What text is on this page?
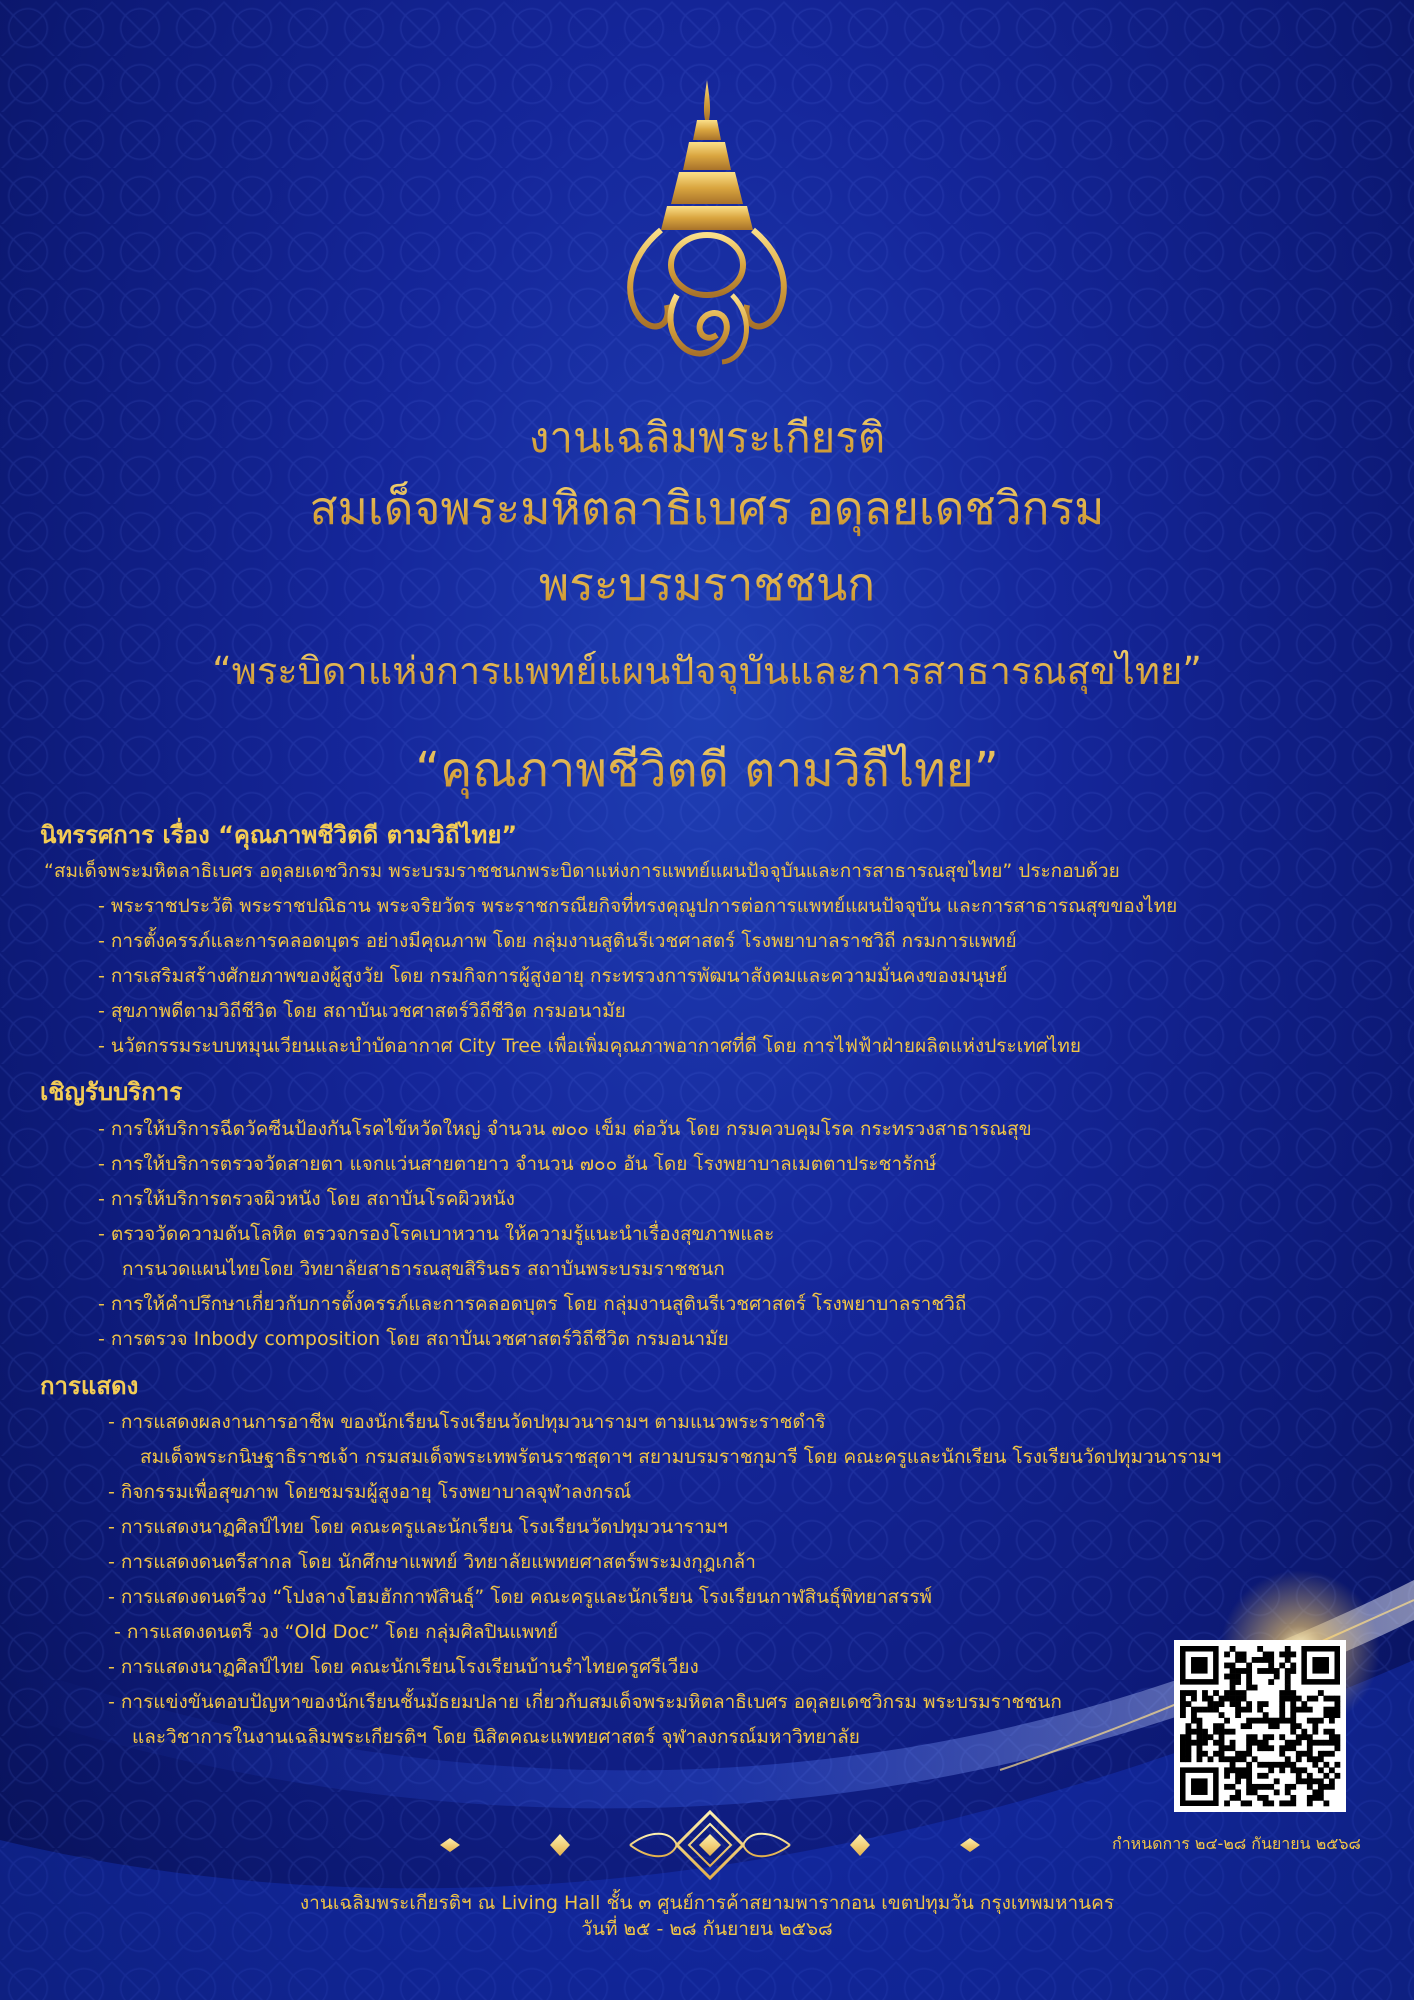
งานเฉลิมพระเกียรติ
สมเด็จพระมหิตลาธิเบศร อดุลยเดชวิกรม
พระบรมราชชนก
“พระบิดาแห่งการแพทย์แผนปัจจุบันและการสาธารณสุขไทย”
“คุณภาพชีวิตดี ตามวิถีไทย”
นิทรรศการ เรื่อง “คุณภาพชีวิตดี ตามวิถีไทย”
“สมเด็จพระมหิตลาธิเบศร อดุลยเดชวิกรม พระบรมราชชนกพระบิดาแห่งการแพทย์แผนปัจจุบันและการสาธารณสุขไทย” ประกอบด้วย
- พระราชประวัติ พระราชปณิธาน พระจริยวัตร พระราชกรณียกิจที่ทรงคุณูปการต่อการแพทย์แผนปัจจุบัน และการสาธารณสุขของไทย
- การตั้งครรภ์และการคลอดบุตร อย่างมีคุณภาพ โดย กลุ่มงานสูตินรีเวชศาสตร์ โรงพยาบาลราชวิถี กรมการแพทย์
- การเสริมสร้างศักยภาพของผู้สูงวัย โดย กรมกิจการผู้สูงอายุ กระทรวงการพัฒนาสังคมและความมั่นคงของมนุษย์
- สุขภาพดีตามวิถีชีวิต โดย สถาบันเวชศาสตร์วิถีชีวิต กรมอนามัย
- นวัตกรรมระบบหมุนเวียนและบำบัดอากาศ City Tree เพื่อเพิ่มคุณภาพอากาศที่ดี โดย การไฟฟ้าฝ่ายผลิตแห่งประเทศไทย
เชิญรับบริการ
- การให้บริการฉีดวัคซีนป้องกันโรคไข้หวัดใหญ่ จำนวน ๗๐๐ เข็ม ต่อวัน โดย กรมควบคุมโรค กระทรวงสาธารณสุข
- การให้บริการตรวจวัดสายตา แจกแว่นสายตายาว จำนวน ๗๐๐ อัน โดย โรงพยาบาลเมตตาประชารักษ์
- การให้บริการตรวจผิวหนัง โดย สถาบันโรคผิวหนัง
- ตรวจวัดความดันโลหิต ตรวจกรองโรคเบาหวาน ให้ความรู้แนะนำเรื่องสุขภาพและ
การนวดแผนไทยโดย วิทยาลัยสาธารณสุขสิรินธร สถาบันพระบรมราชชนก
- การให้คำปรึกษาเกี่ยวกับการตั้งครรภ์และการคลอดบุตร โดย กลุ่มงานสูตินรีเวชศาสตร์ โรงพยาบาลราชวิถี
- การตรวจ Inbody composition โดย สถาบันเวชศาสตร์วิถีชีวิต กรมอนามัย
การแสดง
- การแสดงผลงานการอาชีพ ของนักเรียนโรงเรียนวัดปทุมวนารามฯ ตามแนวพระราชดำริ
สมเด็จพระกนิษฐาธิราชเจ้า กรมสมเด็จพระเทพรัตนราชสุดาฯ สยามบรมราชกุมารี โดย คณะครูและนักเรียน โรงเรียนวัดปทุมวนารามฯ
- กิจกรรมเพื่อสุขภาพ โดยชมรมผู้สูงอายุ โรงพยาบาลจุฬาลงกรณ์
- การแสดงนาฏศิลป์ไทย โดย คณะครูและนักเรียน โรงเรียนวัดปทุมวนารามฯ
- การแสดงดนตรีสากล โดย นักศึกษาแพทย์ วิทยาลัยแพทยศาสตร์พระมงกุฎเกล้า
- การแสดงดนตรีวง “โปงลางโฮมฮักกาฬสินธุ์” โดย คณะครูและนักเรียน โรงเรียนกาฬสินธุ์พิทยาสรรพ์
- การแสดงดนตรี วง “Old Doc” โดย กลุ่มศิลปินแพทย์
- การแสดงนาฏศิลป์ไทย โดย คณะนักเรียนโรงเรียนบ้านรำไทยครูศรีเวียง
- การแข่งขันตอบปัญหาของนักเรียนชั้นมัธยมปลาย เกี่ยวกับสมเด็จพระมหิตลาธิเบศร อดุลยเดชวิกรม พระบรมราชชนก
และวิชาการในงานเฉลิมพระเกียรติฯ โดย นิสิตคณะแพทยศาสตร์ จุฬาลงกรณ์มหาวิทยาลัย
กำหนดการ ๒๔-๒๘ กันยายน ๒๕๖๘
งานเฉลิมพระเกียรติฯ ณ Living Hall ชั้น ๓ ศูนย์การค้าสยามพารากอน เขตปทุมวัน กรุงเทพมหานคร
วันที่ ๒๕ - ๒๘ กันยายน ๒๕๖๘
